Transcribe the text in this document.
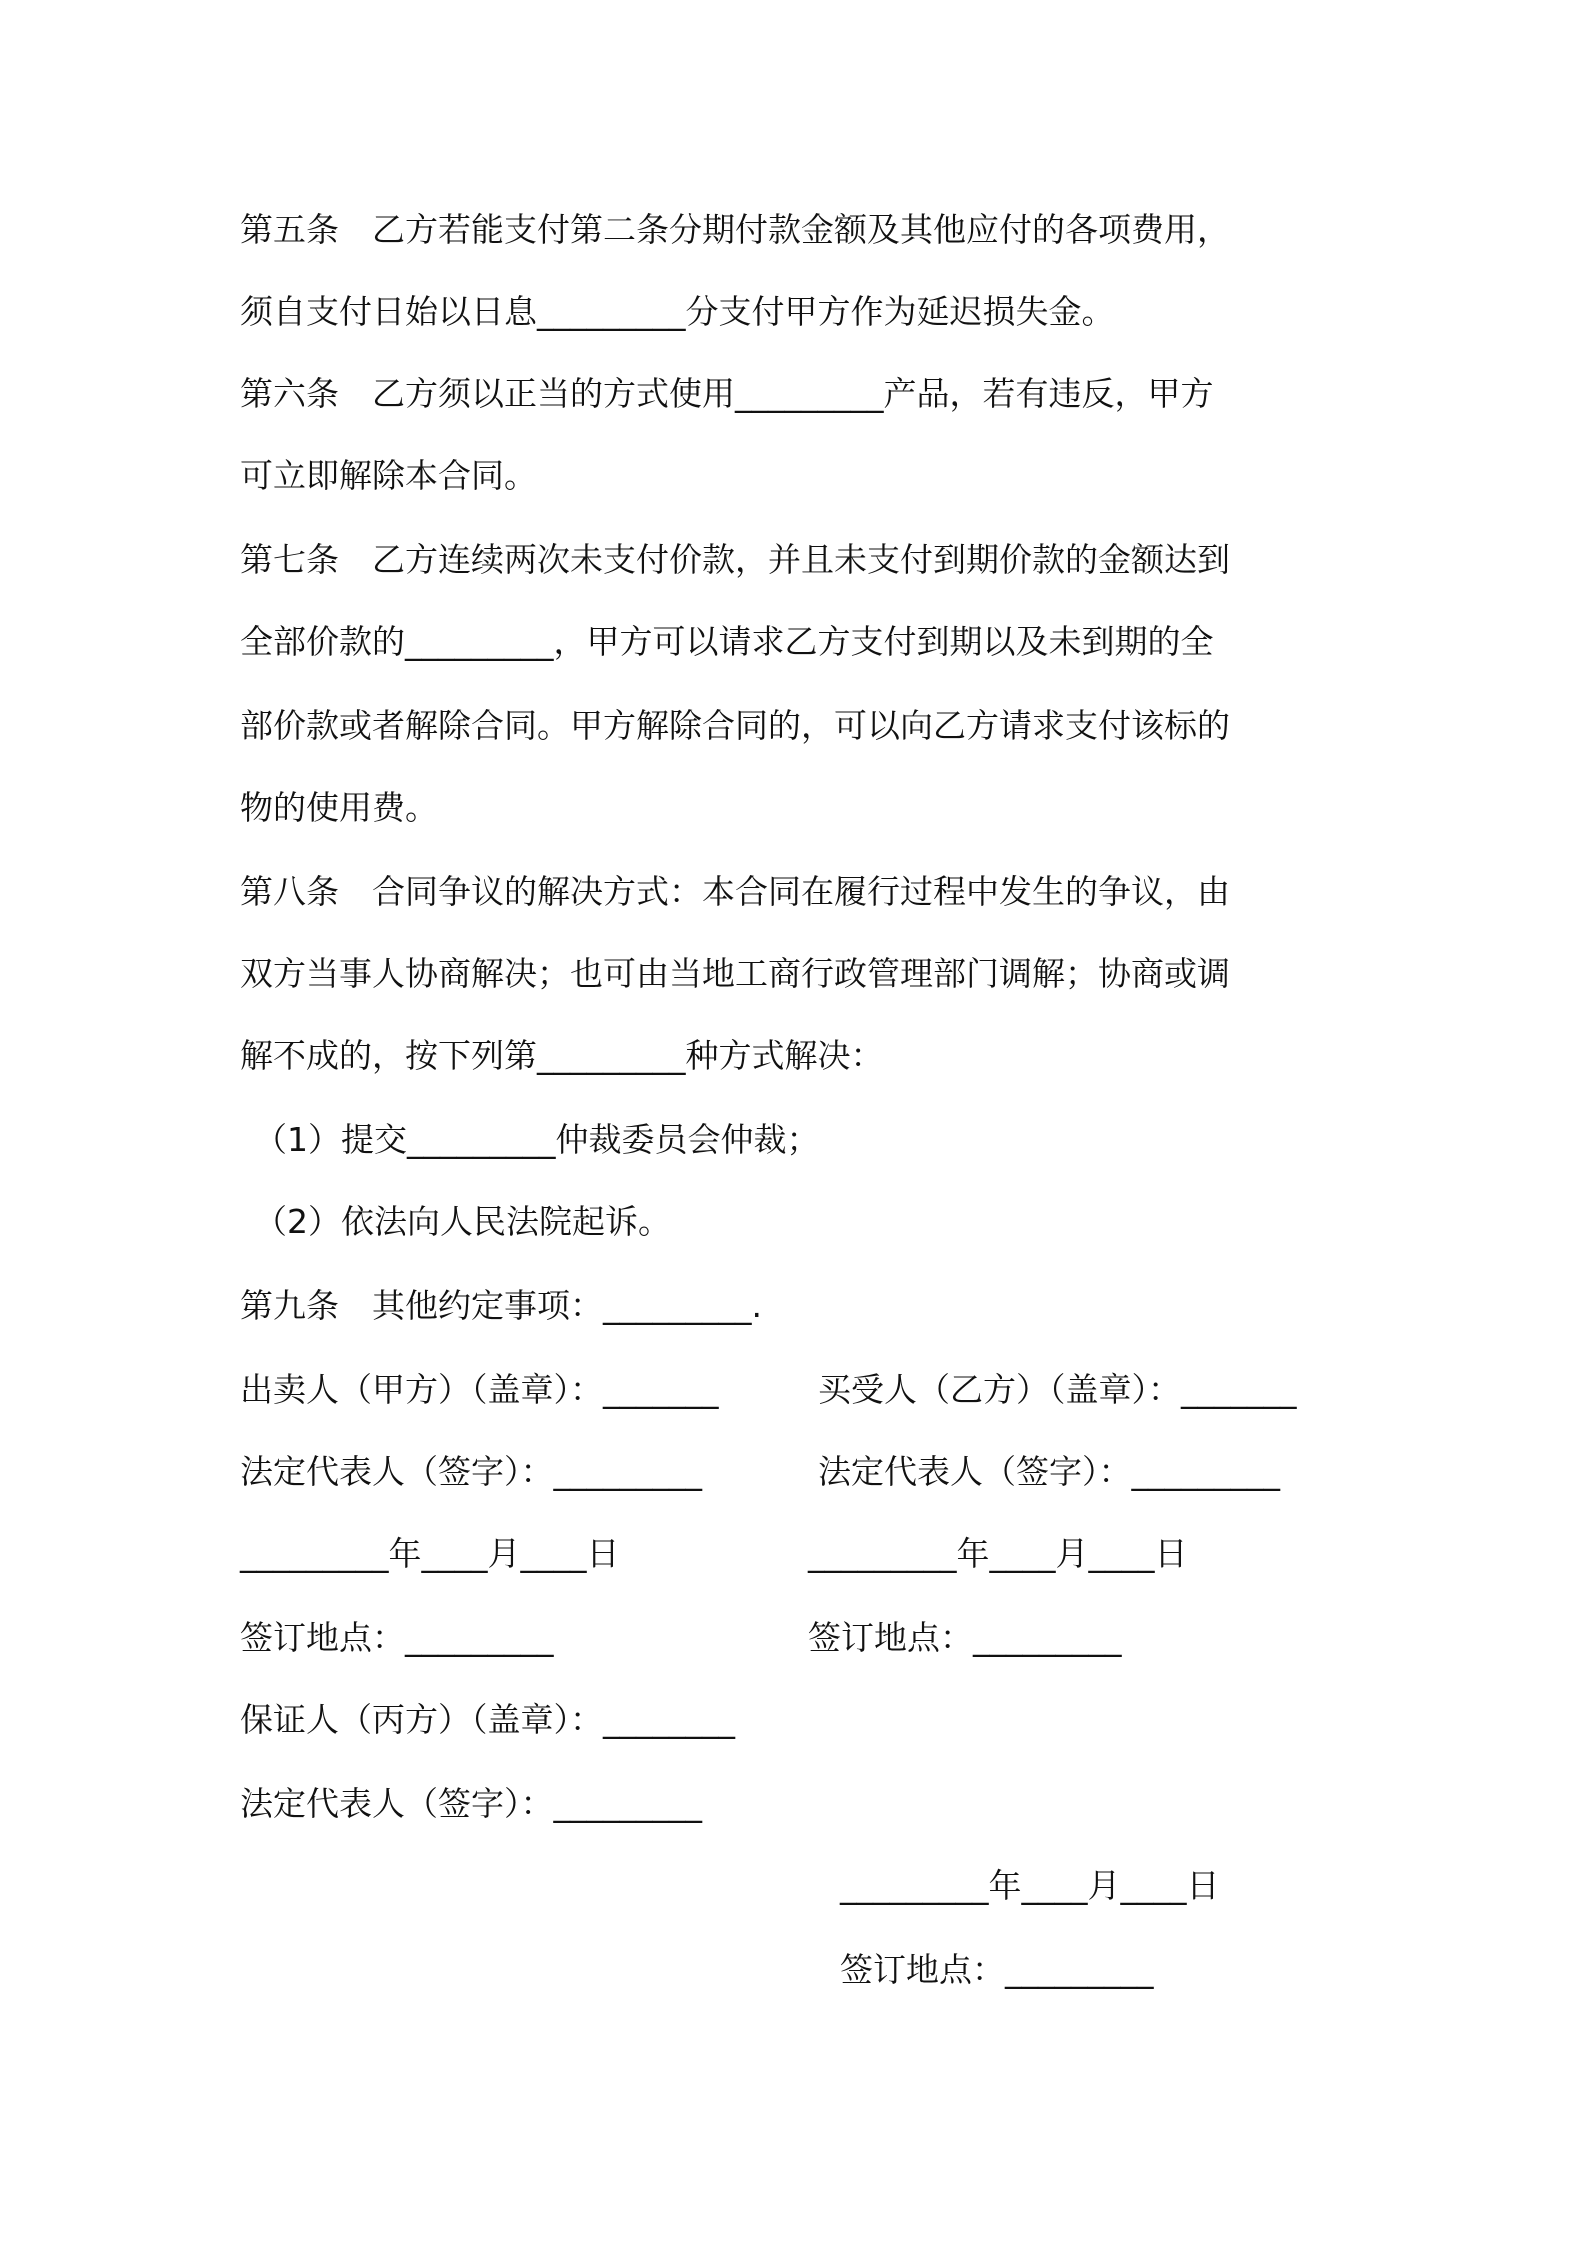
第五条　乙方若能支付第二条分期付款金额及其他应付的各项费用，
须自支付日始以日息_________分支付甲方作为延迟损失金。
第六条　乙方须以正当的方式使用_________产品，若有违反，甲方
可立即解除本合同。
第七条　乙方连续两次未支付价款，并且未支付到期价款的金额达到
全部价款的_________，甲方可以请求乙方支付到期以及未到期的全
部价款或者解除合同。甲方解除合同的，可以向乙方请求支付该标的
物的使用费。
第八条　合同争议的解决方式：本合同在履行过程中发生的争议，由
双方当事人协商解决；也可由当地工商行政管理部门调解；协商或调
解不成的，按下列第_________种方式解决：
（1）提交_________仲裁委员会仲裁；
（2）依法向人民法院起诉。
第九条　其他约定事项：_________.
出卖人（甲方）（盖章）：_______	买受人（乙方）（盖章）：_______
法定代表人（签字）：_________	法定代表人（签字）：_________
_________年____月____日	_________年____月____日
签订地点：_________	签订地点：_________
保证人（丙方）（盖章）：________
法定代表人（签字）：_________
_________年____月____日
签订地点：_________
